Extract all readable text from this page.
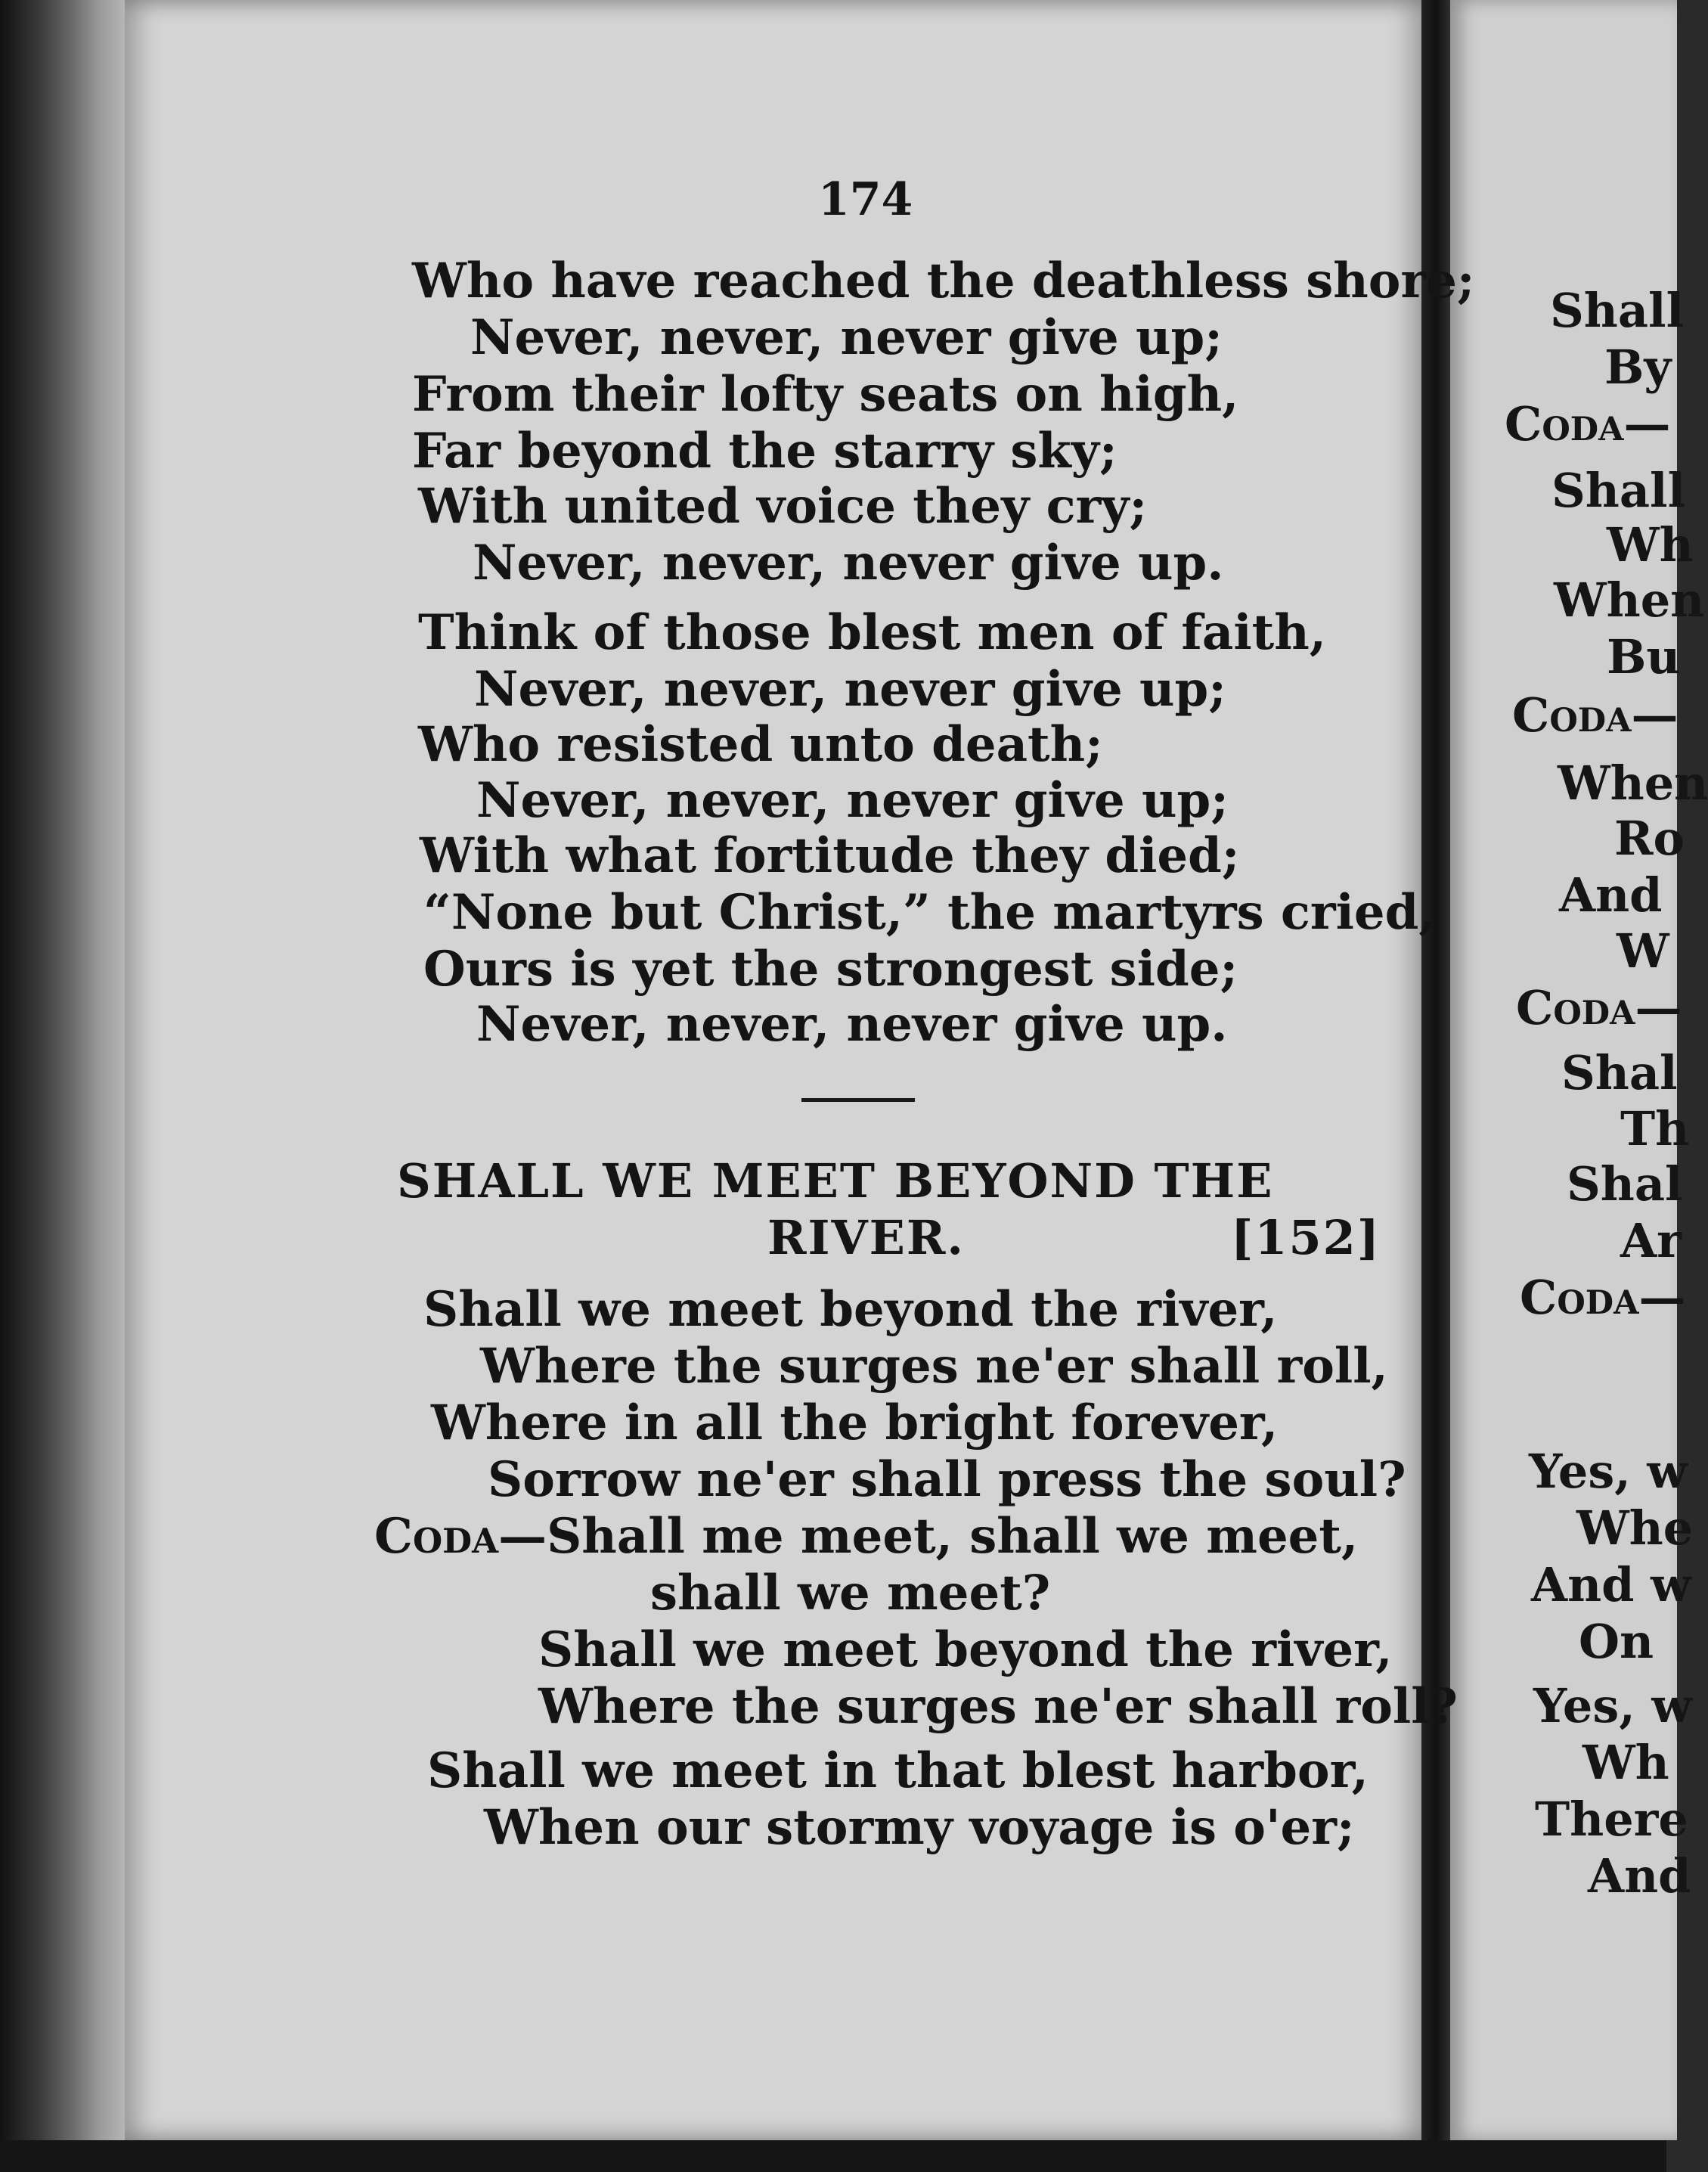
174
Who have reached the deathless shore;
Never, never, never give up;
From their lofty seats on high,
Far beyond the starry sky;
With united voice they cry;
Never, never, never give up.
Think of those blest men of faith,
Never, never, never give up;
Who resisted unto death;
Never, never, never give up;
With what fortitude they died;
“None but Christ,” the martyrs cried,
Ours is yet the strongest side;
Never, never, never give up.
SHALL WE MEET BEYOND THE
RIVER.	[152]
Shall we meet beyond the river,
Where the surges ne'er shall roll,
Where in all the bright forever,
Sorrow ne'er shall press the soul?
Coda—Shall me meet, shall we meet,
shall we meet?
Shall we meet beyond the river,
Where the surges ne'er shall roll?
Shall we meet in that blest harbor,
When our stormy voyage is o'er;
Shall
By
Coda—
Shall
Wh
When
Bu
Coda—
When
Ro
And
W
Coda—
Shal
Th
Shal
Ar
Coda—
Yes, w
Whe
And w
On
Yes, w
Wh
There
And
